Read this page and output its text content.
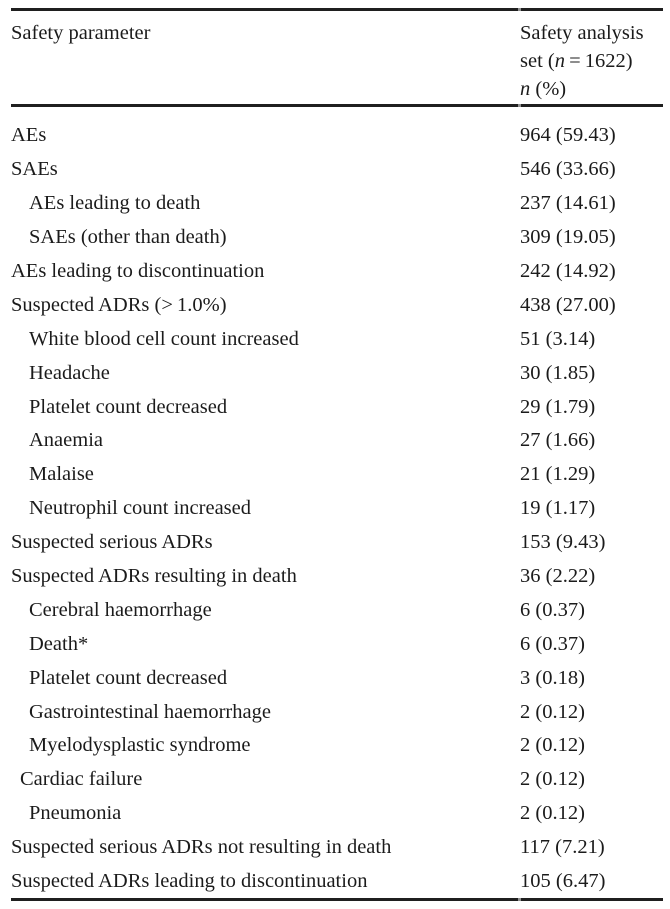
Safety parameter	Safety analysis
set (n = 1622)
n (%)
AEs	964 (59.43)
SAEs	546 (33.66)
AEs leading to death	237 (14.61)
SAEs (other than death)	309 (19.05)
AEs leading to discontinuation	242 (14.92)
Suspected ADRs (> 1.0%)	438 (27.00)
White blood cell count increased	51 (3.14)
Headache	30 (1.85)
Platelet count decreased	29 (1.79)
Anaemia	27 (1.66)
Malaise	21 (1.29)
Neutrophil count increased	19 (1.17)
Suspected serious ADRs	153 (9.43)
Suspected ADRs resulting in death	36 (2.22)
Cerebral haemorrhage	6 (0.37)
Death*	6 (0.37)
Platelet count decreased	3 (0.18)
Gastrointestinal haemorrhage	2 (0.12)
Myelodysplastic syndrome	2 (0.12)
Cardiac failure	2 (0.12)
Pneumonia	2 (0.12)
Suspected serious ADRs not resulting in death	117 (7.21)
Suspected ADRs leading to discontinuation	105 (6.47)
